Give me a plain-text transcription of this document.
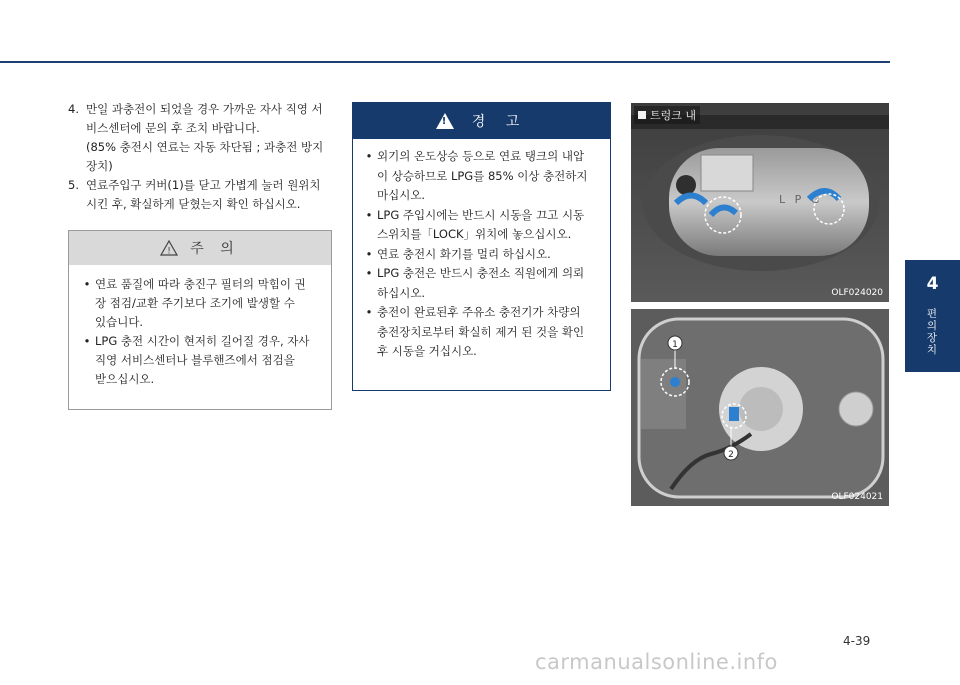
4. 만일 과충전이 되었을 경우 가까운 자사 직영 서
비스센터에 문의 후 조치 바랍니다.
(85% 충전시 연료는 자동 차단됨 ; 과충전 방지
장치)
5. 연료주입구 커버(1)를 닫고 가볍게 눌러 원위치
시킨 후, 확실하게 닫혔는지 확인 하십시오.
! 주 의
• 연료 품질에 따라 충진구 필터의 막힘이 권
장 점검/교환 주기보다 조기에 발생할 수
있습니다.
• LPG 충전 시간이 현저히 길어질 경우, 자사
직영 서비스센터나 블루핸즈에서 점검을
받으십시오.
! 경 고
• 외기의 온도상승 등으로 연료 탱크의 내압
이 상승하므로 LPG를 85% 이상 충전하지
마십시오.
• LPG 주입시에는 반드시 시동을 끄고 시동
스위치를「LOCK」위치에 놓으십시오.
• 연료 충전시 화기를 멀리 하십시오.
• LPG 충전은 반드시 충전소 직원에게 의뢰
하십시오.
• 충전이 완료된후 주유소 충전기가 차량의
충전장치로부터 확실히 제거 된 것을 확인
후 시동을 거십시오.
L P G
트렁크 내
OLF024020
1
2
OLF024021
4
편의 장치
4-39
carmanualsonline.info
